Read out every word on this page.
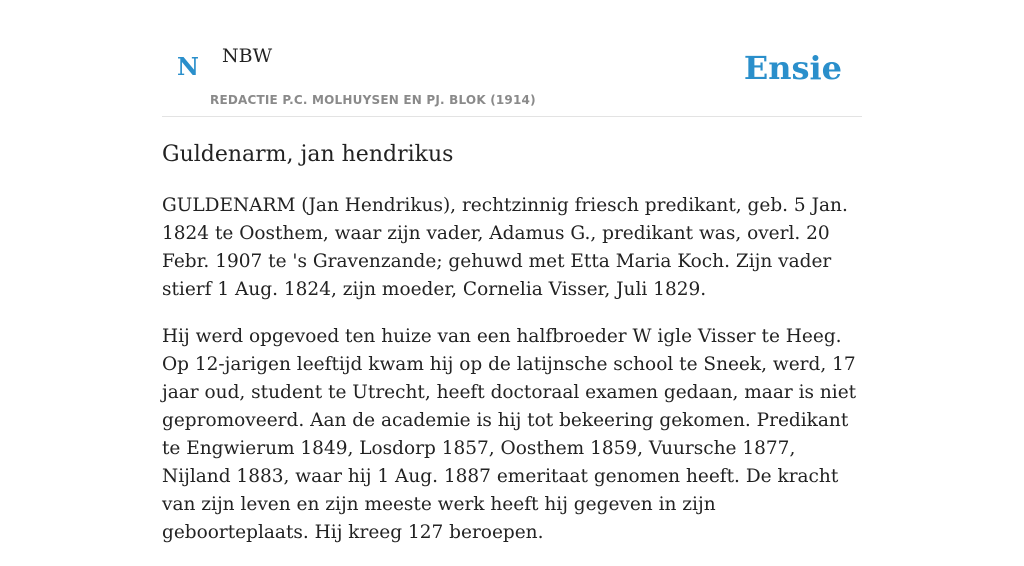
N NBW
REDACTIE P.C. MOLHUYSEN EN PJ. BLOK (1914)
Ensie
Guldenarm, jan hendrikus

GULDENARM (Jan Hendrikus), rechtzinnig friesch predikant, geb. 5 Jan. 1824 te Oosthem, waar zijn vader, Adamus G., predikant was, overl. 20 Febr. 1907 te 's Gravenzande; gehuwd met Etta Maria Koch. Zijn vader stierf 1 Aug. 1824, zijn moeder, Cornelia Visser, Juli 1829.

Hij werd opgevoed ten huize van een halfbroeder W igle Visser te Heeg. Op 12-jarigen leeftijd kwam hij op de latijnsche school te Sneek, werd, 17 jaar oud, student te Utrecht, heeft doctoraal examen gedaan, maar is niet gepromoveerd. Aan de academie is hij tot bekeering gekomen. Predikant te Engwierum 1849, Losdorp 1857, Oosthem 1859, Vuursche 1877, Nijland 1883, waar hij 1 Aug. 1887 emeritaat genomen heeft. De kracht van zijn leven en zijn meeste werk heeft hij gegeven in zijn geboorteplaats. Hij kreeg 127 beroepen.
